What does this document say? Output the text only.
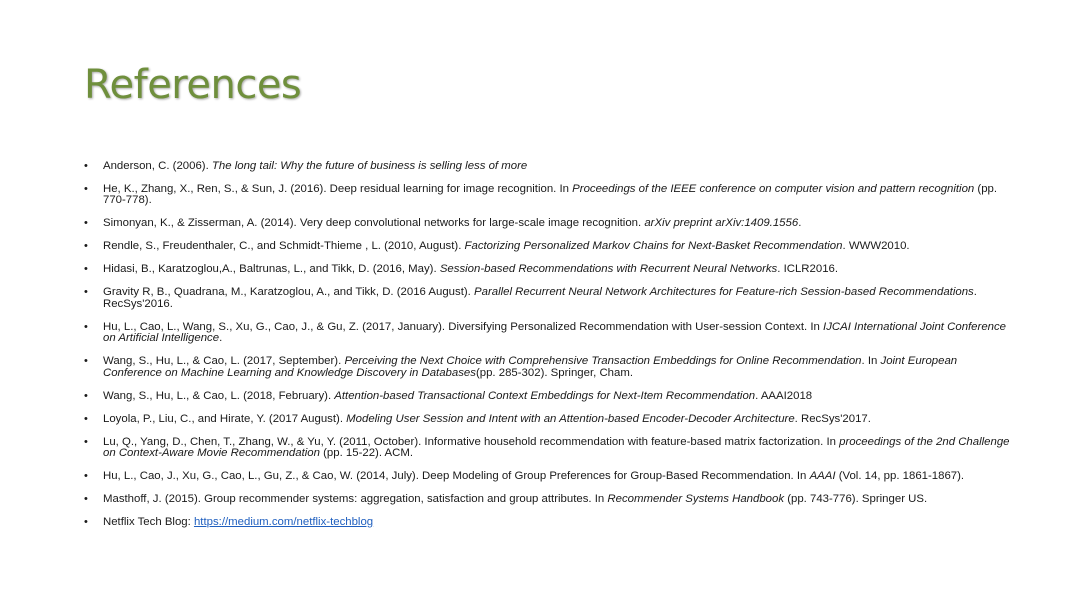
References
• Anderson, C. (2006). The long tail: Why the future of business is selling less of more
• He, K., Zhang, X., Ren, S., & Sun, J. (2016). Deep residual learning for image recognition. In Proceedings of the IEEE conference on computer vision and pattern recognition (pp. 770-778).
• Simonyan, K., & Zisserman, A. (2014). Very deep convolutional networks for large-scale image recognition. arXiv preprint arXiv:1409.1556.
• Rendle, S., Freudenthaler, C., and Schmidt-Thieme , L. (2010, August). Factorizing Personalized Markov Chains for Next-Basket Recommendation. WWW2010.
• Hidasi, B., Karatzoglou,A., Baltrunas, L., and Tikk, D. (2016, May). Session-based Recommendations with Recurrent Neural Networks. ICLR2016.
• Gravity R, B., Quadrana, M., Karatzoglou, A., and Tikk, D. (2016 August). Parallel Recurrent Neural Network Architectures for Feature-rich Session-based Recommendations. RecSys'2016.
• Hu, L., Cao, L., Wang, S., Xu, G., Cao, J., & Gu, Z. (2017, January). Diversifying Personalized Recommendation with User-session Context. In IJCAI International Joint Conference on Artificial Intelligence.
• Wang, S., Hu, L., & Cao, L. (2017, September). Perceiving the Next Choice with Comprehensive Transaction Embeddings for Online Recommendation. In Joint European Conference on Machine Learning and Knowledge Discovery in Databases(pp. 285-302). Springer, Cham.
• Wang, S., Hu, L., & Cao, L. (2018, February). Attention-based Transactional Context Embeddings for Next-Item Recommendation. AAAI2018
• Loyola, P., Liu, C., and Hirate, Y. (2017 August). Modeling User Session and Intent with an Attention-based Encoder-Decoder Architecture. RecSys'2017.
• Lu, Q., Yang, D., Chen, T., Zhang, W., & Yu, Y. (2011, October). Informative household recommendation with feature-based matrix factorization. In proceedings of the 2nd Challenge on Context-Aware Movie Recommendation (pp. 15-22). ACM.
• Hu, L., Cao, J., Xu, G., Cao, L., Gu, Z., & Cao, W. (2014, July). Deep Modeling of Group Preferences for Group-Based Recommendation. In AAAI (Vol. 14, pp. 1861-1867).
• Masthoff, J. (2015). Group recommender systems: aggregation, satisfaction and group attributes. In Recommender Systems Handbook (pp. 743-776). Springer US.
• Netflix Tech Blog: https://medium.com/netflix-techblog
